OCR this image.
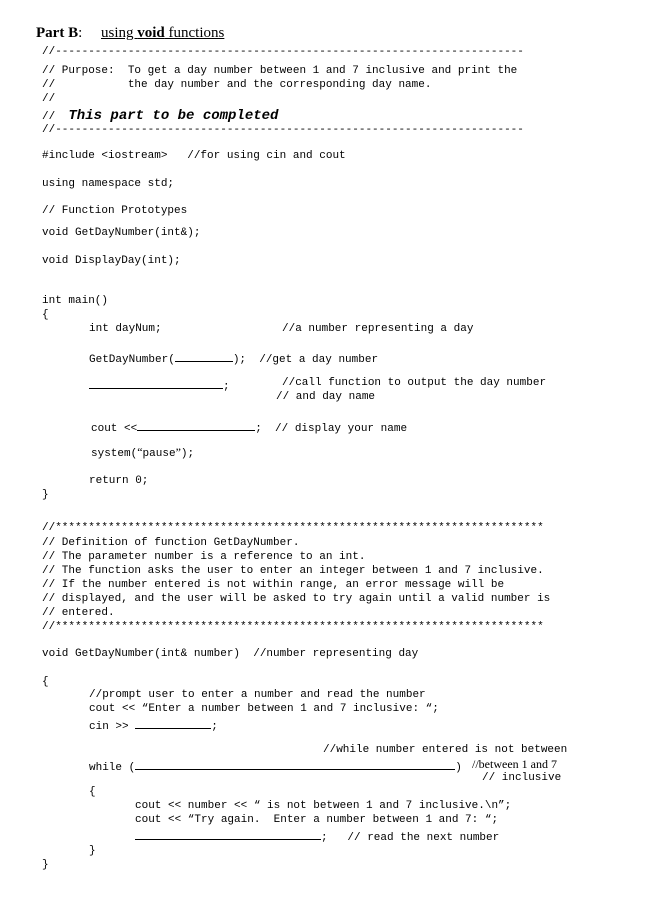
Part B: using void functions
//-----------------------------------------------------------------------
// Purpose:  To get a day number between 1 and 7 inclusive and print the
//           the day number and the corresponding day name.
//
//  This part to be completed
//-----------------------------------------------------------------------
#include <iostream>   //for using cin and cout
using namespace std;
// Function Prototypes
void GetDayNumber(int&);
void DisplayDay(int);
int main()
{
int dayNum;	//a number representing a day
GetDayNumber(	);  //get a day number
;	//call function to output the day number
// and day name
cout <<	;  // display your name
system(“pause”);
return 0;
}
//**************************************************************************
// Definition of function GetDayNumber.
// The parameter number is a reference to an int.
// The function asks the user to enter an integer between 1 and 7 inclusive.
// If the number entered is not within range, an error message will be
// displayed, and the user will be asked to try again until a valid number is
// entered.
//**************************************************************************
void GetDayNumber(int& number)  //number representing day
{
//prompt user to enter a number and read the number
cout << “Enter a number between 1 and 7 inclusive: “;
cin >>	;
//while number entered is not between
while (	) //between 1 and 7
// inclusive
{
cout << number << “ is not between 1 and 7 inclusive.\n”;
cout << “Try again.  Enter a number between 1 and 7: “;
;   // read the next number
}
}
